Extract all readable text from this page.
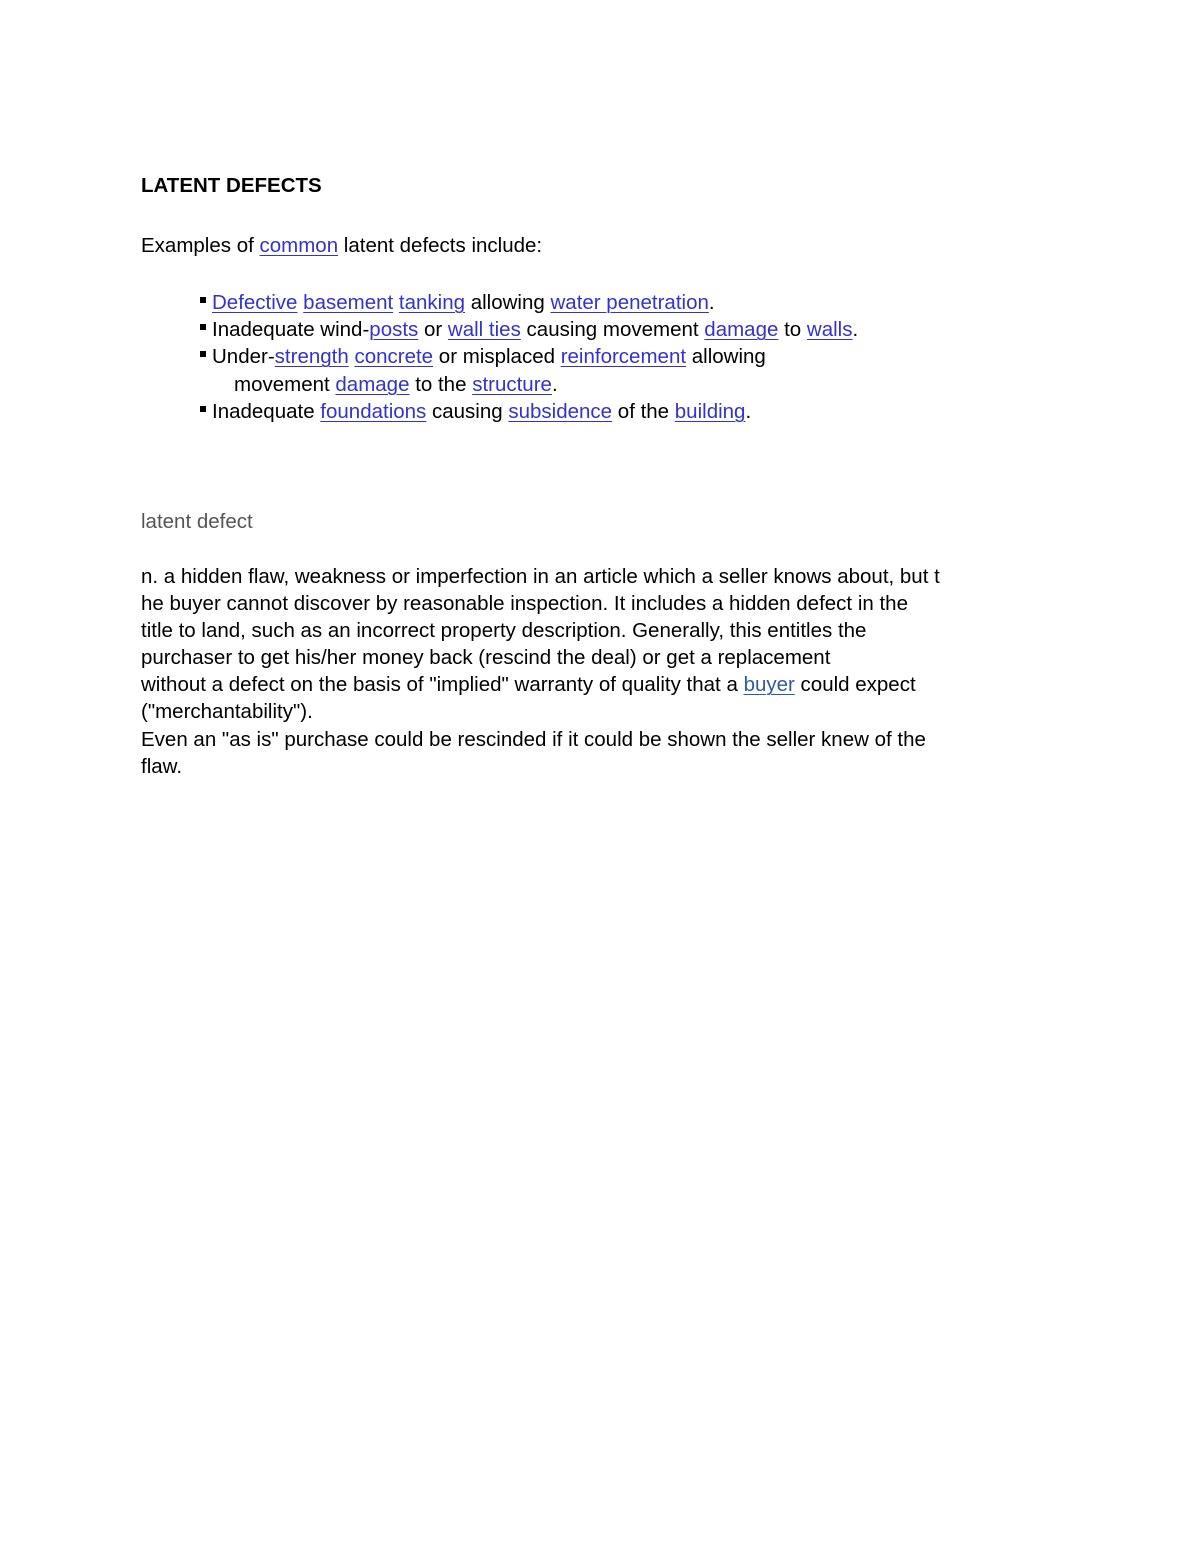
LATENT DEFECTS

Examples of common latent defects include:

Defective basement tanking allowing water penetration.
Inadequate wind-posts or wall ties causing movement damage to walls.
Under-strength concrete or misplaced reinforcement allowing
movement damage to the structure.
Inadequate foundations causing subsidence of the building.

latent defect

n. a hidden flaw, weakness or imperfection in an article which a seller knows about, but t
he buyer cannot discover by reasonable inspection. It includes a hidden defect in the
title to land, such as an incorrect property description. Generally, this entitles the
purchaser to get his/her money back (rescind the deal) or get a replacement
without a defect on the basis of "implied" warranty of quality that a buyer could expect
("merchantability").
Even an "as is" purchase could be rescinded if it could be shown the seller knew of the
flaw.
